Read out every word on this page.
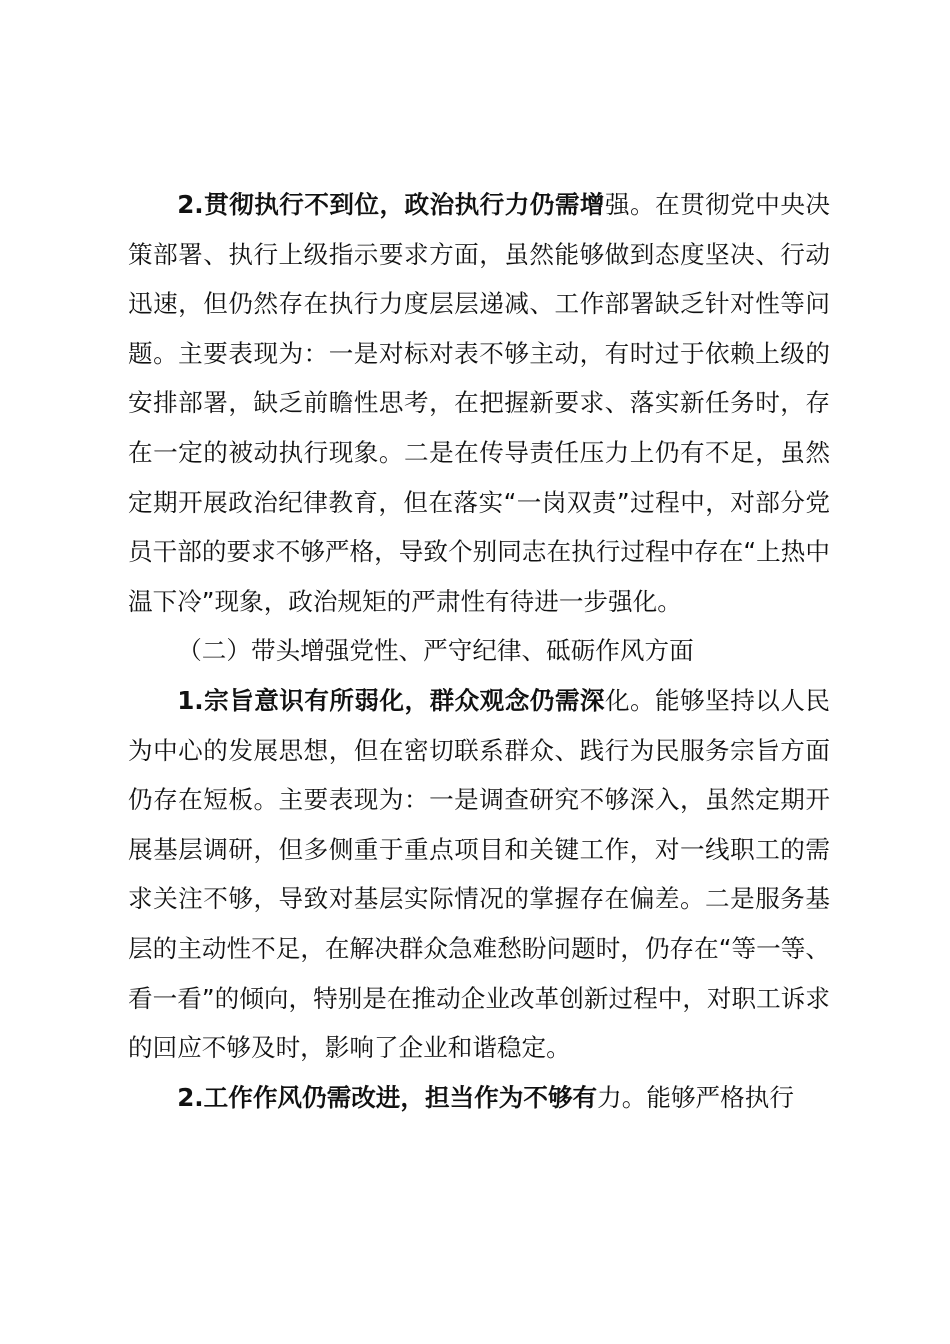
2.贯彻执行不到位，政治执行力仍需增强。在贯彻党中央决策部署、执行上级指示要求方面，虽然能够做到态度坚决、行动迅速，但仍然存在执行力度层层递减、工作部署缺乏针对性等问题。主要表现为：一是对标对表不够主动，有时过于依赖上级的安排部署，缺乏前瞻性思考，在把握新要求、落实新任务时，存在一定的被动执行现象。二是在传导责任压力上仍有不足，虽然定期开展政治纪律教育，但在落实“一岗双责”过程中，对部分党员干部的要求不够严格，导致个别同志在执行过程中存在“上热中温下冷”现象，政治规矩的严肃性有待进一步强化。

（二）带头增强党性、严守纪律、砥砺作风方面

1.宗旨意识有所弱化，群众观念仍需深化。能够坚持以人民为中心的发展思想，但在密切联系群众、践行为民服务宗旨方面仍存在短板。主要表现为：一是调查研究不够深入，虽然定期开展基层调研，但多侧重于重点项目和关键工作，对一线职工的需求关注不够，导致对基层实际情况的掌握存在偏差。二是服务基层的主动性不足，在解决群众急难愁盼问题时，仍存在“等一等、看一看”的倾向，特别是在推动企业改革创新过程中，对职工诉求的回应不够及时，影响了企业和谐稳定。

2.工作作风仍需改进，担当作为不够有力。能够严格执行
